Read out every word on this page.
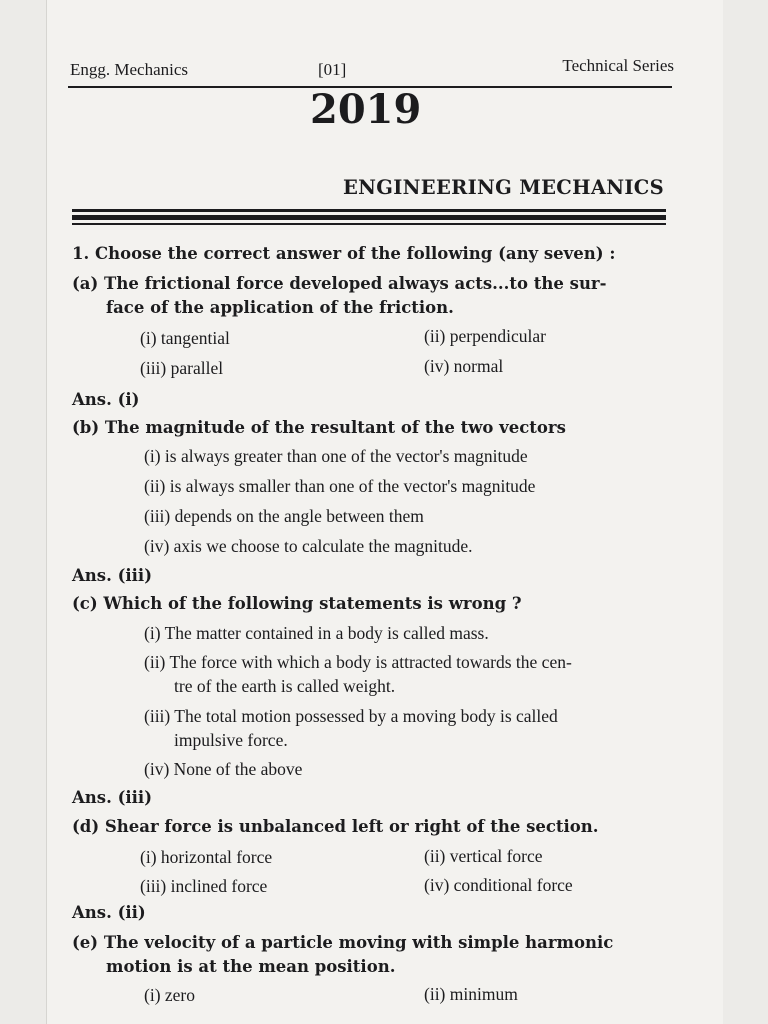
Engg. Mechanics	[01]	Technical Series
2019
ENGINEERING MECHANICS
1. Choose the correct answer of the following (any seven) :
(a) The frictional force developed always acts...to the sur-
face of the application of the friction.
(i) tangential	(ii) perpendicular
(iii) parallel	(iv) normal
Ans. (i)
(b) The magnitude of the resultant of the two vectors
(i) is always greater than one of the vector's magnitude
(ii) is always smaller than one of the vector's magnitude
(iii) depends on the angle between them
(iv) axis we choose to calculate the magnitude.
Ans. (iii)
(c) Which of the following statements is wrong ?
(i) The matter contained in a body is called mass.
(ii) The force with which a body is attracted towards the cen-
tre of the earth is called weight.
(iii) The total motion possessed by a moving body is called
impulsive force.
(iv) None of the above
Ans. (iii)
(d) Shear force is unbalanced left or right of the section.
(i) horizontal force	(ii) vertical force
(iii) inclined force	(iv) conditional force
Ans. (ii)
(e) The velocity of a particle moving with simple harmonic
motion is at the mean position.
(i) zero	(ii) minimum
